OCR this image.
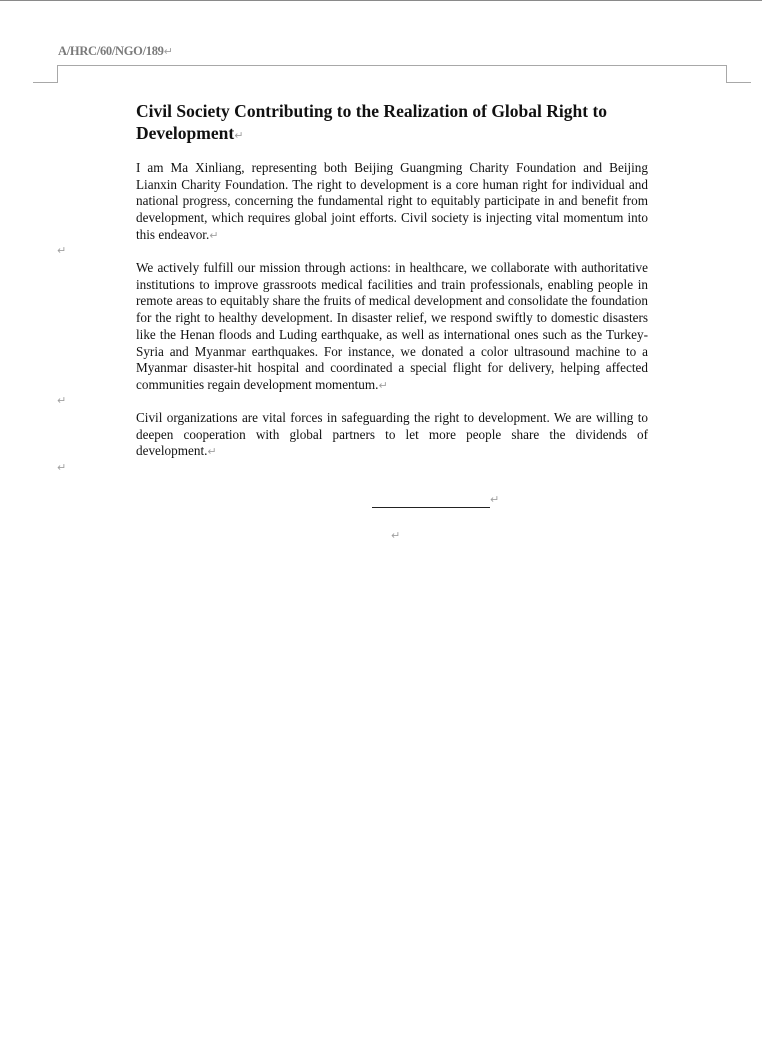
A/HRC/60/NGO/189↵
Civil Society Contributing to the Realization of Global Right to Development↵

I am Ma Xinliang, representing both Beijing Guangming Charity Foundation and Beijing Lianxin Charity Foundation. The right to development is a core human right for individual and national progress, concerning the fundamental right to equitably participate in and benefit from development, which requires global joint efforts. Civil society is injecting vital momentum into this endeavor.↵

↵

We actively fulfill our mission through actions: in healthcare, we collaborate with authoritative institutions to improve grassroots medical facilities and train professionals, enabling people in remote areas to equitably share the fruits of medical development and consolidate the foundation for the right to healthy development. In disaster relief, we respond swiftly to domestic disasters like the Henan floods and Luding earthquake, as well as international ones such as the Turkey-Syria and Myanmar earthquakes. For instance, we donated a color ultrasound machine to a Myanmar disaster-hit hospital and coordinated a special flight for delivery, helping affected communities regain development momentum.↵

↵

Civil organizations are vital forces in safeguarding the right to development. We are willing to deepen cooperation with global partners to let more people share the dividends of development.↵

↵
↵
↵
